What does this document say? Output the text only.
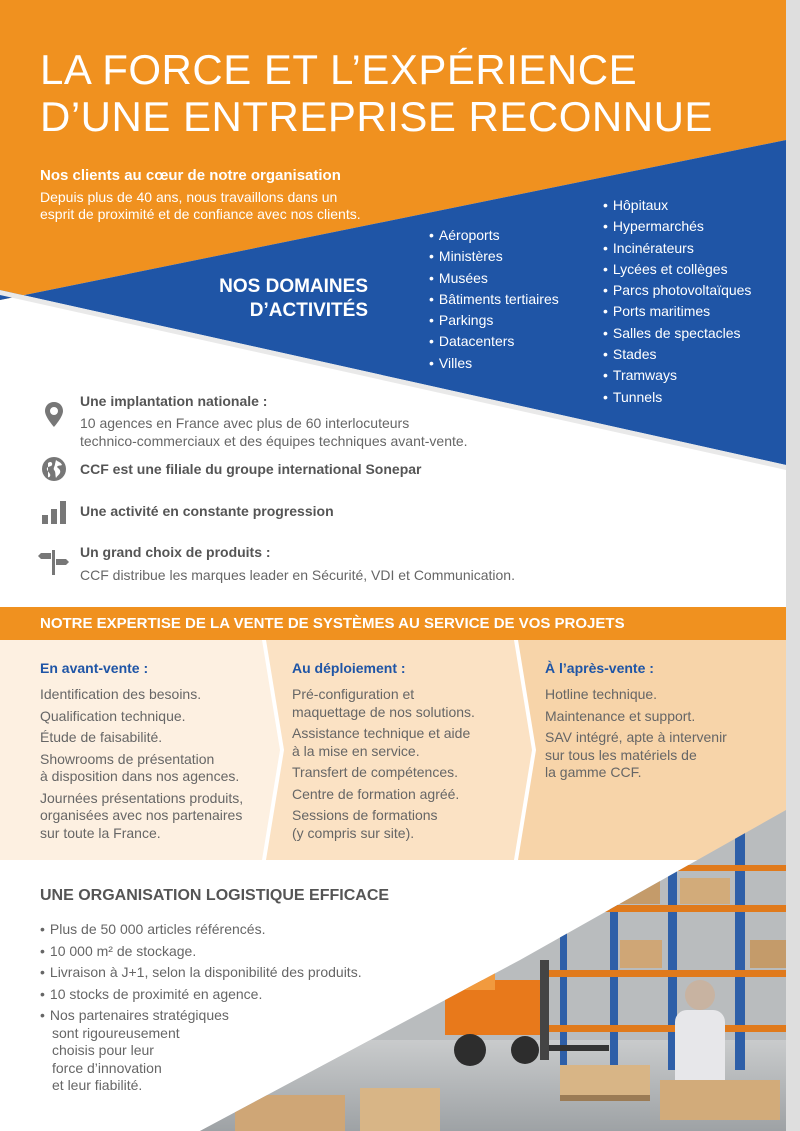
LA FORCE ET L’EXPÉRIENCE
D’UNE ENTREPRISE RECONNUE
Nos clients au cœur de notre organisation
Depuis plus de 40 ans, nous travaillons dans un esprit de proximité et de confiance avec nos clients.
NOS DOMAINES D’ACTIVITÉS
• Aéroports
• Ministères
• Musées
• Bâtiments tertiaires
• Parkings
• Datacenters
• Villes
• Hôpitaux
• Hypermarchés
• Incinérateurs
• Lycées et collèges
• Parcs photovoltaïques
• Ports maritimes
• Salles de spectacles
• Stades
• Tramways
• Tunnels
Une implantation nationale :
10 agences en France avec plus de 60 interlocuteurs
technico-commerciaux et des équipes techniques avant-vente.
CCF est une filiale du groupe international Sonepar
Une activité en constante progression
Un grand choix de produits :
CCF distribue les marques leader en Sécurité, VDI et Communication.
NOTRE EXPERTISE DE LA VENTE DE SYSTÈMES AU SERVICE DE VOS PROJETS
En avant-vente :
Identification des besoins.
Qualification technique.
Étude de faisabilité.
Showrooms de présentation
à disposition dans nos agences.
Journées présentations produits,
organisées avec nos partenaires
sur toute la France.
Au déploiement :
Pré-configuration et
maquettage de nos solutions.
Assistance technique et aide
à la mise en service.
Transfert de compétences.
Centre de formation agréé.
Sessions de formations
(y compris sur site).
À l’après-vente :
Hotline technique.
Maintenance et support.
SAV intégré, apte à intervenir
sur tous les matériels de
la gamme CCF.
UNE ORGANISATION LOGISTIQUE EFFICACE
• Plus de 50 000 articles référencés.
• 10 000 m² de stockage.
• Livraison à J+1, selon la disponibilité des produits.
• 10 stocks de proximité en agence.
• Nos partenaires stratégiques
sont rigoureusement
choisis pour leur
force d’innovation
et leur fiabilité.
